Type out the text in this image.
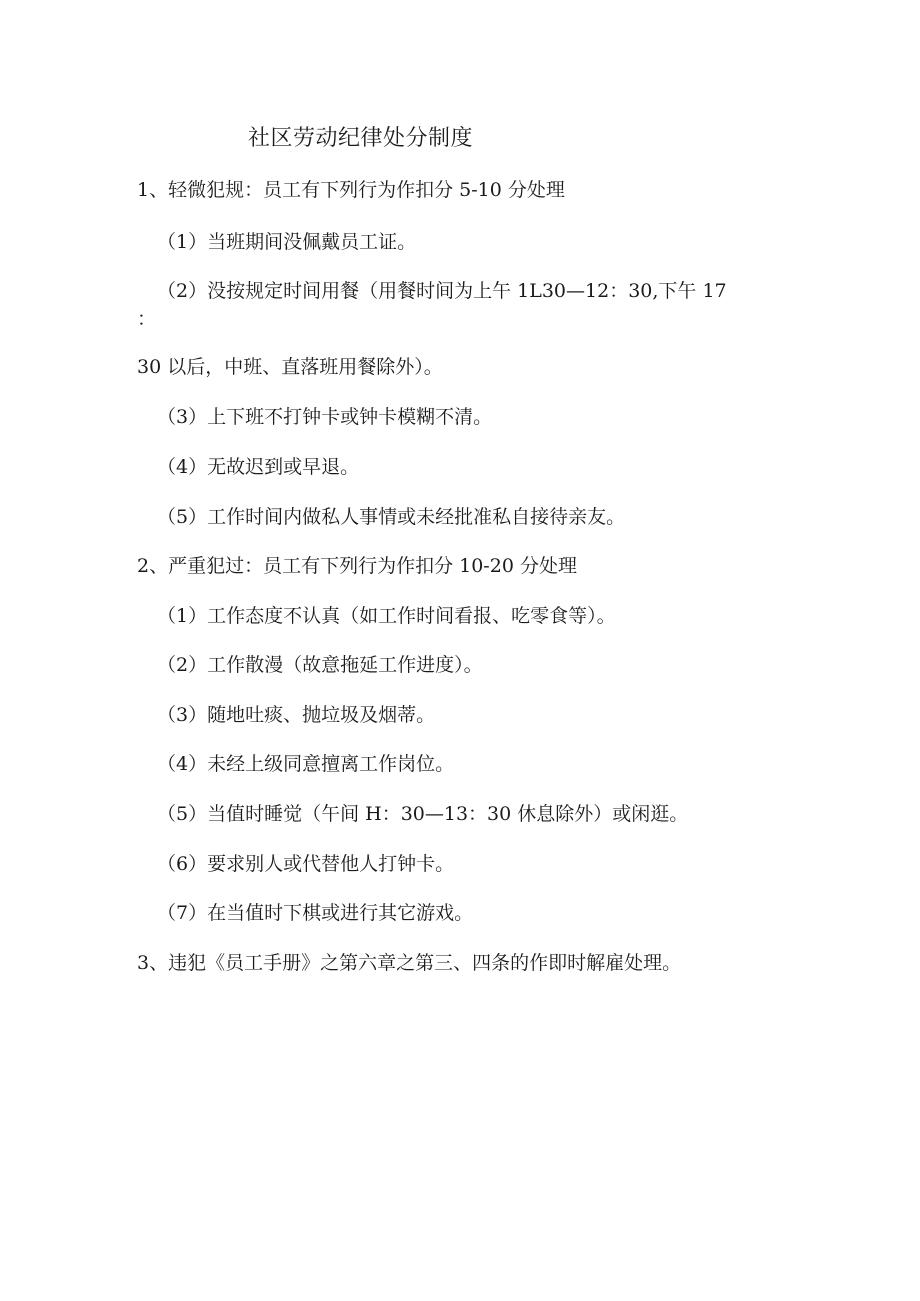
社区劳动纪律处分制度
1、轻微犯规：员工有下列行为作扣分 5-10 分处理
（1）当班期间没佩戴员工证。
（2）没按规定时间用餐（用餐时间为上午 1L30—12：30,下午 17
：
30 以后，中班、直落班用餐除外）。
（3）上下班不打钟卡或钟卡模糊不清。
（4）无故迟到或早退。
（5）工作时间内做私人事情或未经批准私自接待亲友。
2、严重犯过：员工有下列行为作扣分 10-20 分处理
（1）工作态度不认真（如工作时间看报、吃零食等）。
（2）工作散漫（故意拖延工作进度）。
（3）随地吐痰、抛垃圾及烟蒂。
（4）未经上级同意擅离工作岗位。
（5）当值时睡觉（午间 H：30—13：30 休息除外）或闲逛。
（6）要求别人或代替他人打钟卡。
（7）在当值时下棋或进行其它游戏。
3、违犯《员工手册》之第六章之第三、四条的作即时解雇处理。
